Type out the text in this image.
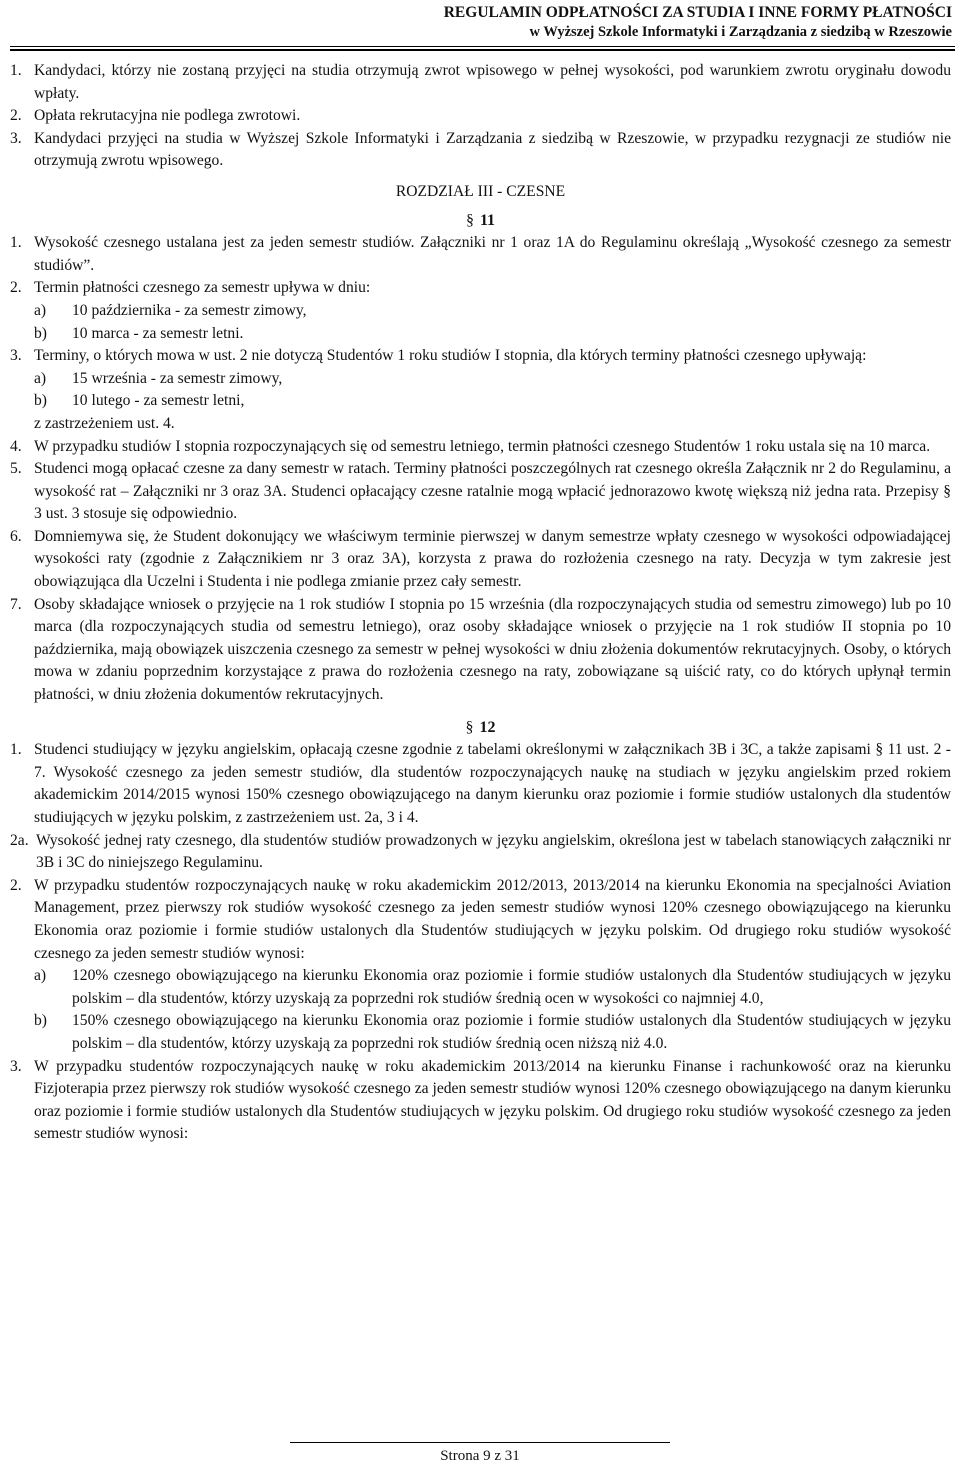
REGULAMIN ODPŁATNOŚCI ZA STUDIA I INNE FORMY PŁATNOŚCI
w Wyższej Szkole Informatyki i Zarządzania z siedzibą w Rzeszowie
1. Kandydaci, którzy nie zostaną przyjęci na studia otrzymują zwrot wpisowego w pełnej wysokości, pod warunkiem zwrotu oryginału dowodu wpłaty.
2. Opłata rekrutacyjna nie podlega zwrotowi.
3. Kandydaci przyjęci na studia w Wyższej Szkole Informatyki i Zarządzania z siedzibą w Rzeszowie, w przypadku rezygnacji ze studiów nie otrzymują zwrotu wpisowego.
ROZDZIAŁ III - CZESNE
§ 11
1. Wysokość czesnego ustalana jest za jeden semestr studiów. Załączniki nr 1 oraz 1A do Regulaminu określają „Wysokość czesnego za semestr studiów”.
2. Termin płatności czesnego za semestr upływa w dniu:
a)	10 października - za semestr zimowy,
b)	10 marca - za semestr letni.
3. Terminy, o których mowa w ust. 2 nie dotyczą Studentów 1 roku studiów I stopnia, dla których terminy płatności czesnego upływają:
a)	15 września - za semestr zimowy,
b)	10 lutego - za semestr letni,
z zastrzeżeniem ust. 4.
4. W przypadku studiów I stopnia rozpoczynających się od semestru letniego, termin płatności czesnego Studentów 1 roku ustala się na 10 marca.
5. Studenci mogą opłacać czesne za dany semestr w ratach. Terminy płatności poszczególnych rat czesnego określa Załącznik nr 2 do Regulaminu, a wysokość rat – Załączniki nr 3 oraz 3A. Studenci opłacający czesne ratalnie mogą wpłacić jednorazowo kwotę większą niż jedna rata. Przepisy § 3 ust. 3 stosuje się odpowiednio.
6. Domniemywa się, że Student dokonujący we właściwym terminie pierwszej w danym semestrze wpłaty czesnego w wysokości odpowiadającej wysokości raty (zgodnie z Załącznikiem nr 3 oraz 3A), korzysta z prawa do rozłożenia czesnego na raty. Decyzja w tym zakresie jest obowiązująca dla Uczelni i Studenta i nie podlega zmianie przez cały semestr.
7. Osoby składające wniosek o przyjęcie na 1 rok studiów I stopnia po 15 września (dla rozpoczynających studia od semestru zimowego) lub po 10 marca (dla rozpoczynających studia od semestru letniego), oraz osoby składające wniosek o przyjęcie na 1 rok studiów II stopnia po 10 października, mają obowiązek uiszczenia czesnego za semestr w pełnej wysokości w dniu złożenia dokumentów rekrutacyjnych. Osoby, o których mowa w zdaniu poprzednim korzystające z prawa do rozłożenia czesnego na raty, zobowiązane są uiścić raty, co do których upłynął termin płatności, w dniu złożenia dokumentów rekrutacyjnych.
§ 12
1. Studenci studiujący w języku angielskim, opłacają czesne zgodnie z tabelami określonymi w załącznikach 3B i 3C, a także zapisami § 11 ust. 2 - 7. Wysokość czesnego za jeden semestr studiów, dla studentów rozpoczynających naukę na studiach w języku angielskim przed rokiem akademickim 2014/2015 wynosi 150% czesnego obowiązującego na danym kierunku oraz poziomie i formie studiów ustalonych dla studentów studiujących w języku polskim, z zastrzeżeniem ust. 2a, 3 i 4.
2a. Wysokość jednej raty czesnego, dla studentów studiów prowadzonych w języku angielskim, określona jest w tabelach stanowiących załączniki nr 3B i 3C do niniejszego Regulaminu.
2. W przypadku studentów rozpoczynających naukę w roku akademickim 2012/2013, 2013/2014 na kierunku Ekonomia na specjalności Aviation Management, przez pierwszy rok studiów wysokość czesnego za jeden semestr studiów wynosi 120% czesnego obowiązującego na kierunku Ekonomia oraz poziomie i formie studiów ustalonych dla Studentów studiujących w języku polskim. Od drugiego roku studiów wysokość czesnego za jeden semestr studiów wynosi:
a)	120% czesnego obowiązującego na kierunku Ekonomia oraz poziomie i formie studiów ustalonych dla Studentów studiujących w języku polskim – dla studentów, którzy uzyskają za poprzedni rok studiów średnią ocen w wysokości co najmniej 4.0,
b)	150% czesnego obowiązującego na kierunku Ekonomia oraz poziomie i formie studiów ustalonych dla Studentów studiujących w języku polskim – dla studentów, którzy uzyskają za poprzedni rok studiów średnią ocen niższą niż 4.0.
3. W przypadku studentów rozpoczynających naukę w roku akademickim 2013/2014 na kierunku Finanse i rachunkowość oraz na kierunku Fizjoterapia przez pierwszy rok studiów wysokość czesnego za jeden semestr studiów wynosi 120% czesnego obowiązującego na danym kierunku oraz poziomie i formie studiów ustalonych dla Studentów studiujących w języku polskim. Od drugiego roku studiów wysokość czesnego za jeden semestr studiów wynosi:
Strona 9 z 31
